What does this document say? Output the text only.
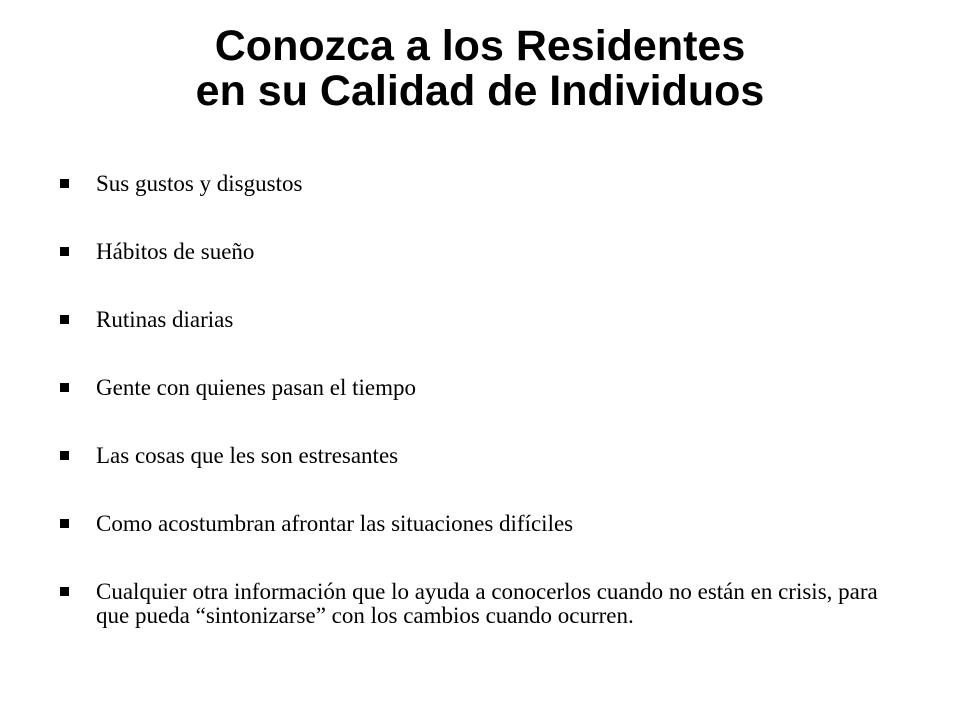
Conozca a los Residentes
en su Calidad de Individuos
Sus gustos y disgustos
Hábitos de sueño
Rutinas diarias
Gente con quienes pasan el tiempo
Las cosas que les son estresantes
Como acostumbran afrontar las situaciones difíciles
Cualquier otra información que lo ayuda a conocerlos cuando no están en crisis, para que pueda “sintonizarse” con los cambios cuando ocurren.
